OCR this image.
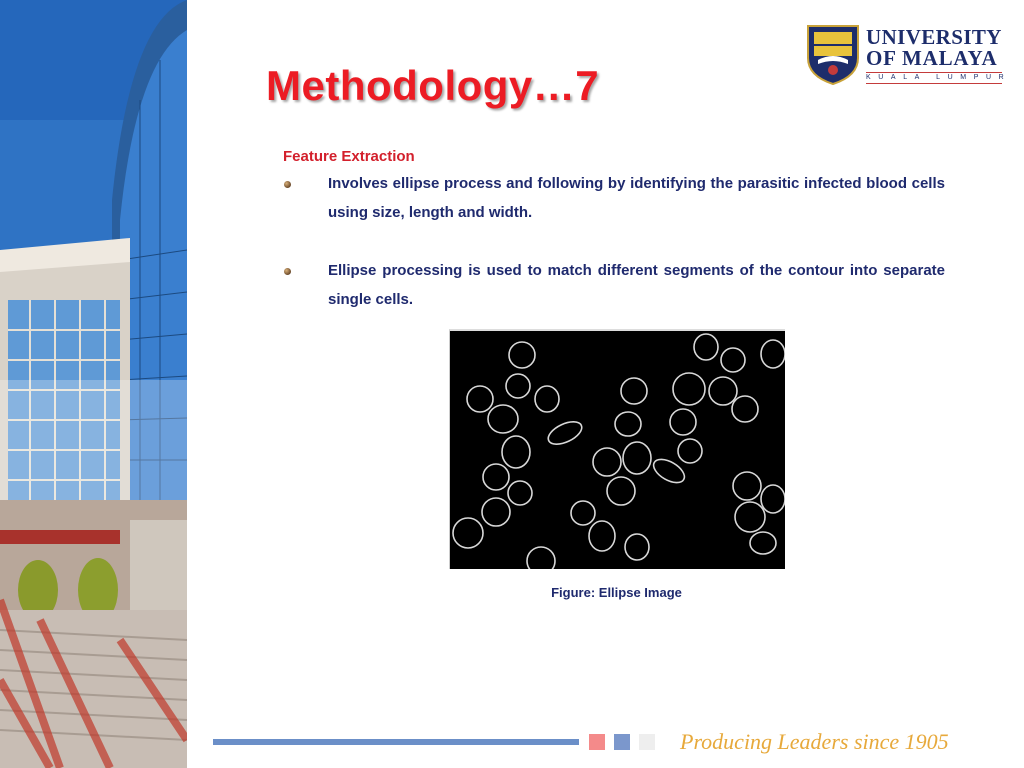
Methodology…7
UNIVERSITY
OF MALAYA
KUALA LUMPUR

Feature Extraction

Involves ellipse process and following by identifying the parasitic infected blood cells using size, length and width.

Ellipse processing is used to match different segments of the contour into separate single cells.

Figure: Ellipse Image
Producing Leaders since 1905
